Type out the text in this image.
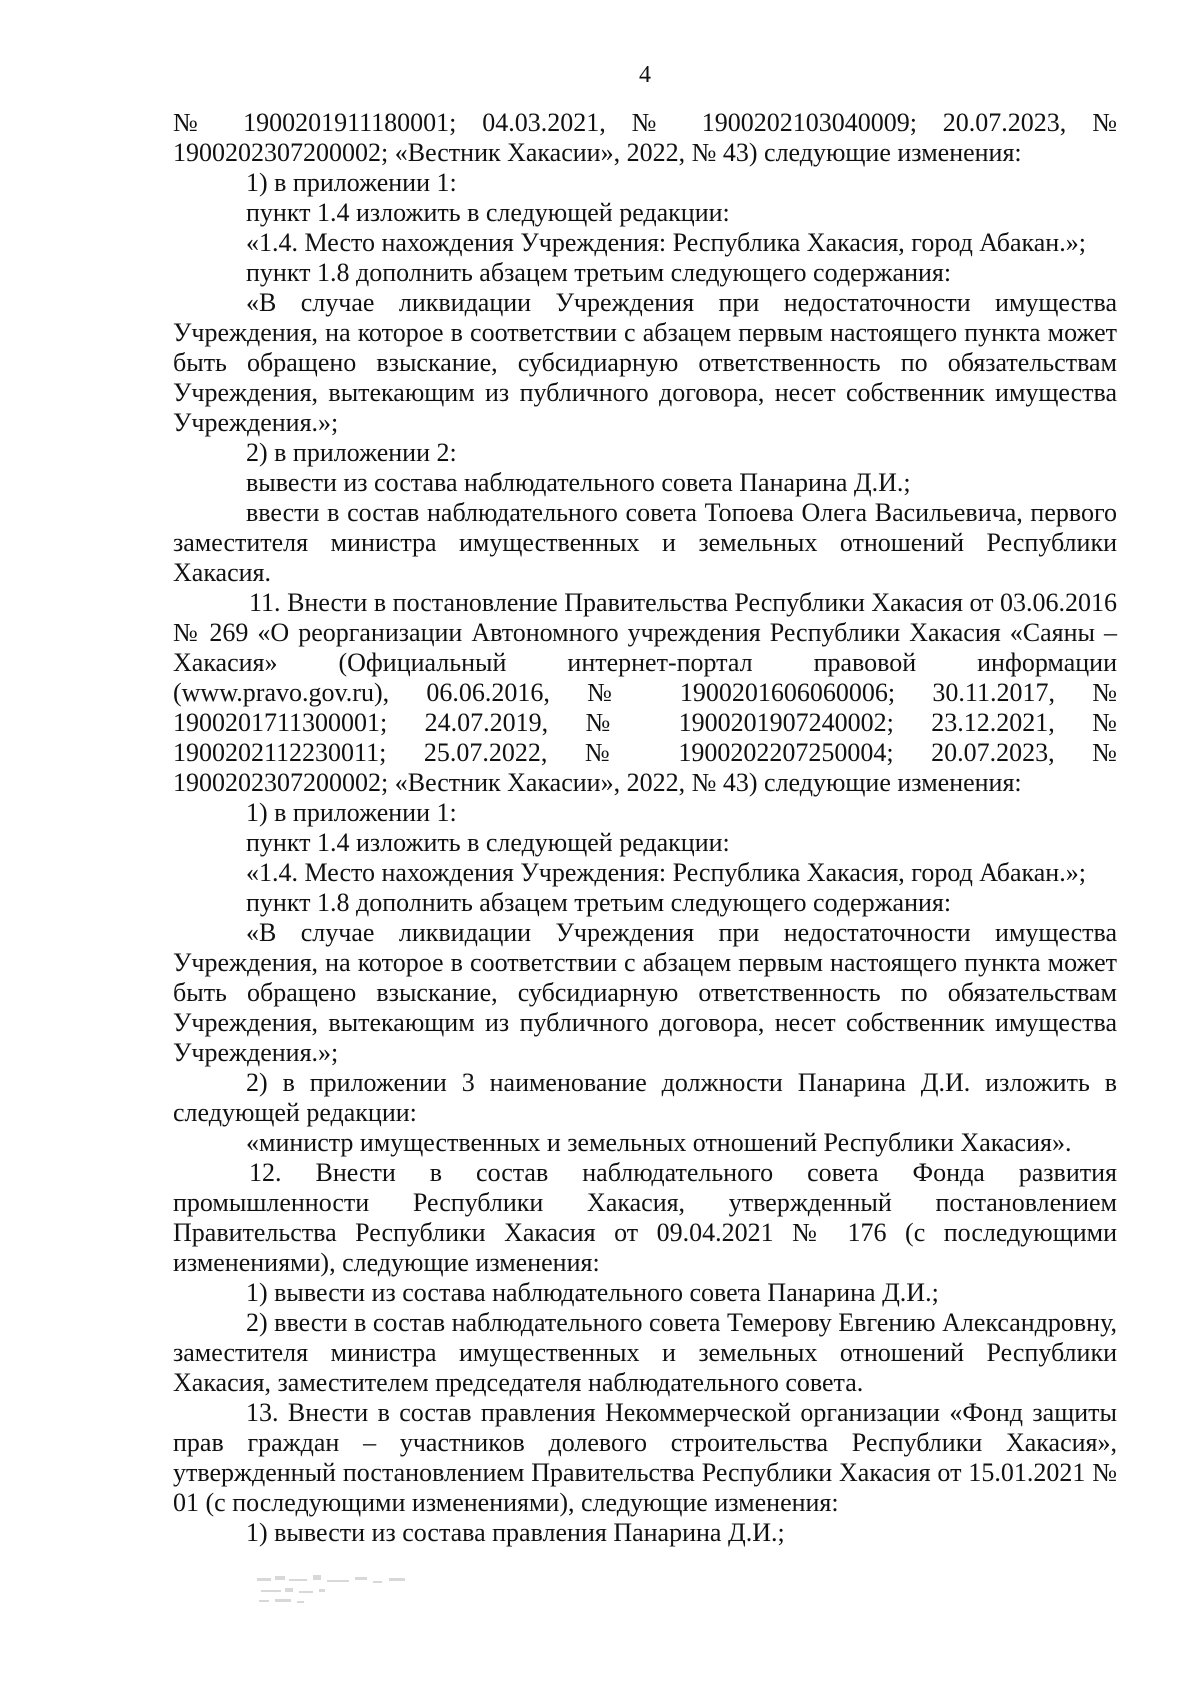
4

№ 1900201911180001; 04.03.2021, № 1900202103040009; 20.07.2023, № 1900202307200002; «Вестник Хакасии», 2022, № 43) следующие изменения:

1) в приложении 1:

пункт 1.4 изложить в следующей редакции:

«1.4. Место нахождения Учреждения: Республика Хакасия, город Абакан.»;

пункт 1.8 дополнить абзацем третьим следующего содержания:

«В случае ликвидации Учреждения при недостаточности имущества Учреждения, на которое в соответствии с абзацем первым настоящего пункта может быть обращено взыскание, субсидиарную ответственность по обязательствам Учреждения, вытекающим из публичного договора, несет собственник имущества Учреждения.»;

2) в приложении 2:

вывести из состава наблюдательного совета Панарина Д.И.;

ввести в состав наблюдательного совета Топоева Олега Васильевича, первого заместителя министра имущественных и земельных отношений Республики Хакасия.

11. Внести в постановление Правительства Республики Хакасия от 03.06.2016 № 269 «О реорганизации Автономного учреждения Республики Хакасия «Саяны – Хакасия» (Официальный интернет-портал правовой информации (www.pravo.gov.ru), 06.06.2016, № 1900201606060006; 30.11.2017, № 1900201711300001; 24.07.2019, № 1900201907240002; 23.12.2021, № 1900202112230011; 25.07.2022, № 1900202207250004; 20.07.2023, № 1900202307200002; «Вестник Хакасии», 2022, № 43) следующие изменения:

1) в приложении 1:

пункт 1.4 изложить в следующей редакции:

«1.4. Место нахождения Учреждения: Республика Хакасия, город Абакан.»;

пункт 1.8 дополнить абзацем третьим следующего содержания:

«В случае ликвидации Учреждения при недостаточности имущества Учреждения, на которое в соответствии с абзацем первым настоящего пункта может быть обращено взыскание, субсидиарную ответственность по обязательствам Учреждения, вытекающим из публичного договора, несет собственник имущества Учреждения.»;

2) в приложении 3 наименование должности Панарина Д.И. изложить в следующей редакции:

«министр имущественных и земельных отношений Республики Хакасия».

12. Внести в состав наблюдательного совета Фонда развития промышленности Республики Хакасия, утвержденный постановлением Правительства Республики Хакасия от 09.04.2021 № 176 (с последующими изменениями), следующие изменения:

1) вывести из состава наблюдательного совета Панарина Д.И.;

2) ввести в состав наблюдательного совета Темерову Евгению Александровну, заместителя министра имущественных и земельных отношений Республики Хакасия, заместителем председателя наблюдательного совета.

13. Внести в состав правления Некоммерческой организации «Фонд защиты прав граждан – участников долевого строительства Республики Хакасия», утвержденный постановлением Правительства Республики Хакасия от 15.01.2021 № 01 (с последующими изменениями), следующие изменения:

1) вывести из состава правления Панарина Д.И.;
